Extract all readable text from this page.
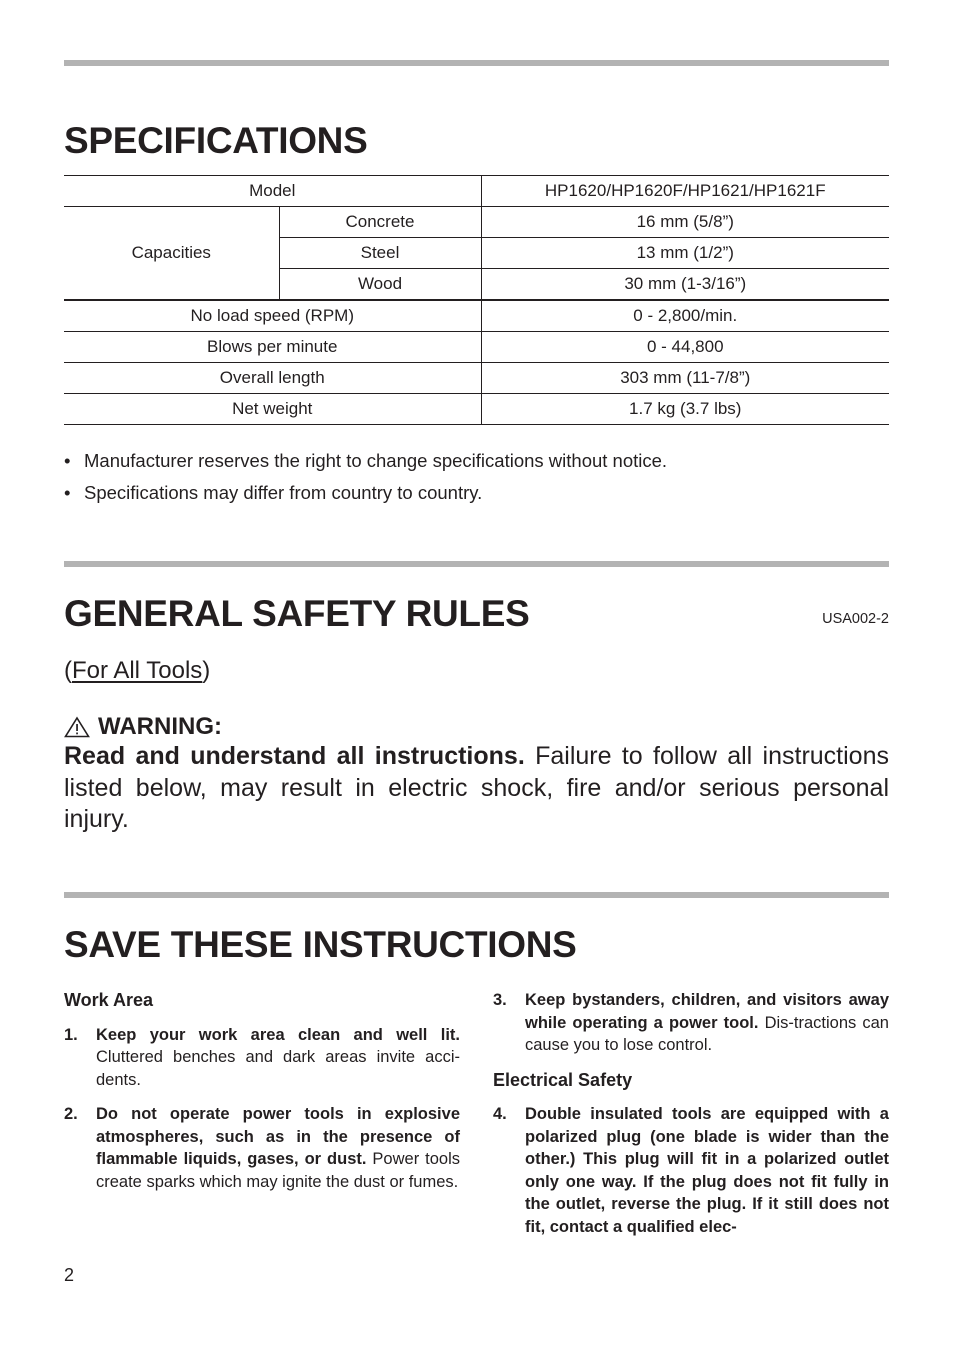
SPECIFICATIONS
Model		HP1620/HP1620F/HP1621/HP1621F
Capacities	Concrete	16 mm (5/8”)
	Steel	13 mm (1/2”)
	Wood	30 mm (1-3/16”)
No load speed (RPM)		0 - 2,800/min.
Blows per minute		0 - 44,800
Overall length		303 mm (11-7/8”)
Net weight		1.7 kg (3.7 lbs)
• Manufacturer reserves the right to change specifications without notice.
• Specifications may differ from country to country.
GENERAL SAFETY RULES	USA002-2
(For All Tools)
WARNING:

Read and understand all instructions. Failure to follow all instructions listed below, may result in electric shock, fire and/or serious personal injury.

SAVE THESE INSTRUCTIONS
Work Area
1. Keep your work area clean and well lit. Cluttered benches and dark areas invite acci-dents.
2. Do not operate power tools in explosive atmospheres, such as in the presence of flammable liquids, gases, or dust. Power tools create sparks which may ignite the dust or fumes.
3. Keep bystanders, children, and visitors away while operating a power tool. Dis-tractions can cause you to lose control.
Electrical Safety
4. Double insulated tools are equipped with a polarized plug (one blade is wider than the other.) This plug will fit in a polarized outlet only one way. If the plug does not fit fully in the outlet, reverse the plug. If it still does not fit, contact a qualified elec-
2
